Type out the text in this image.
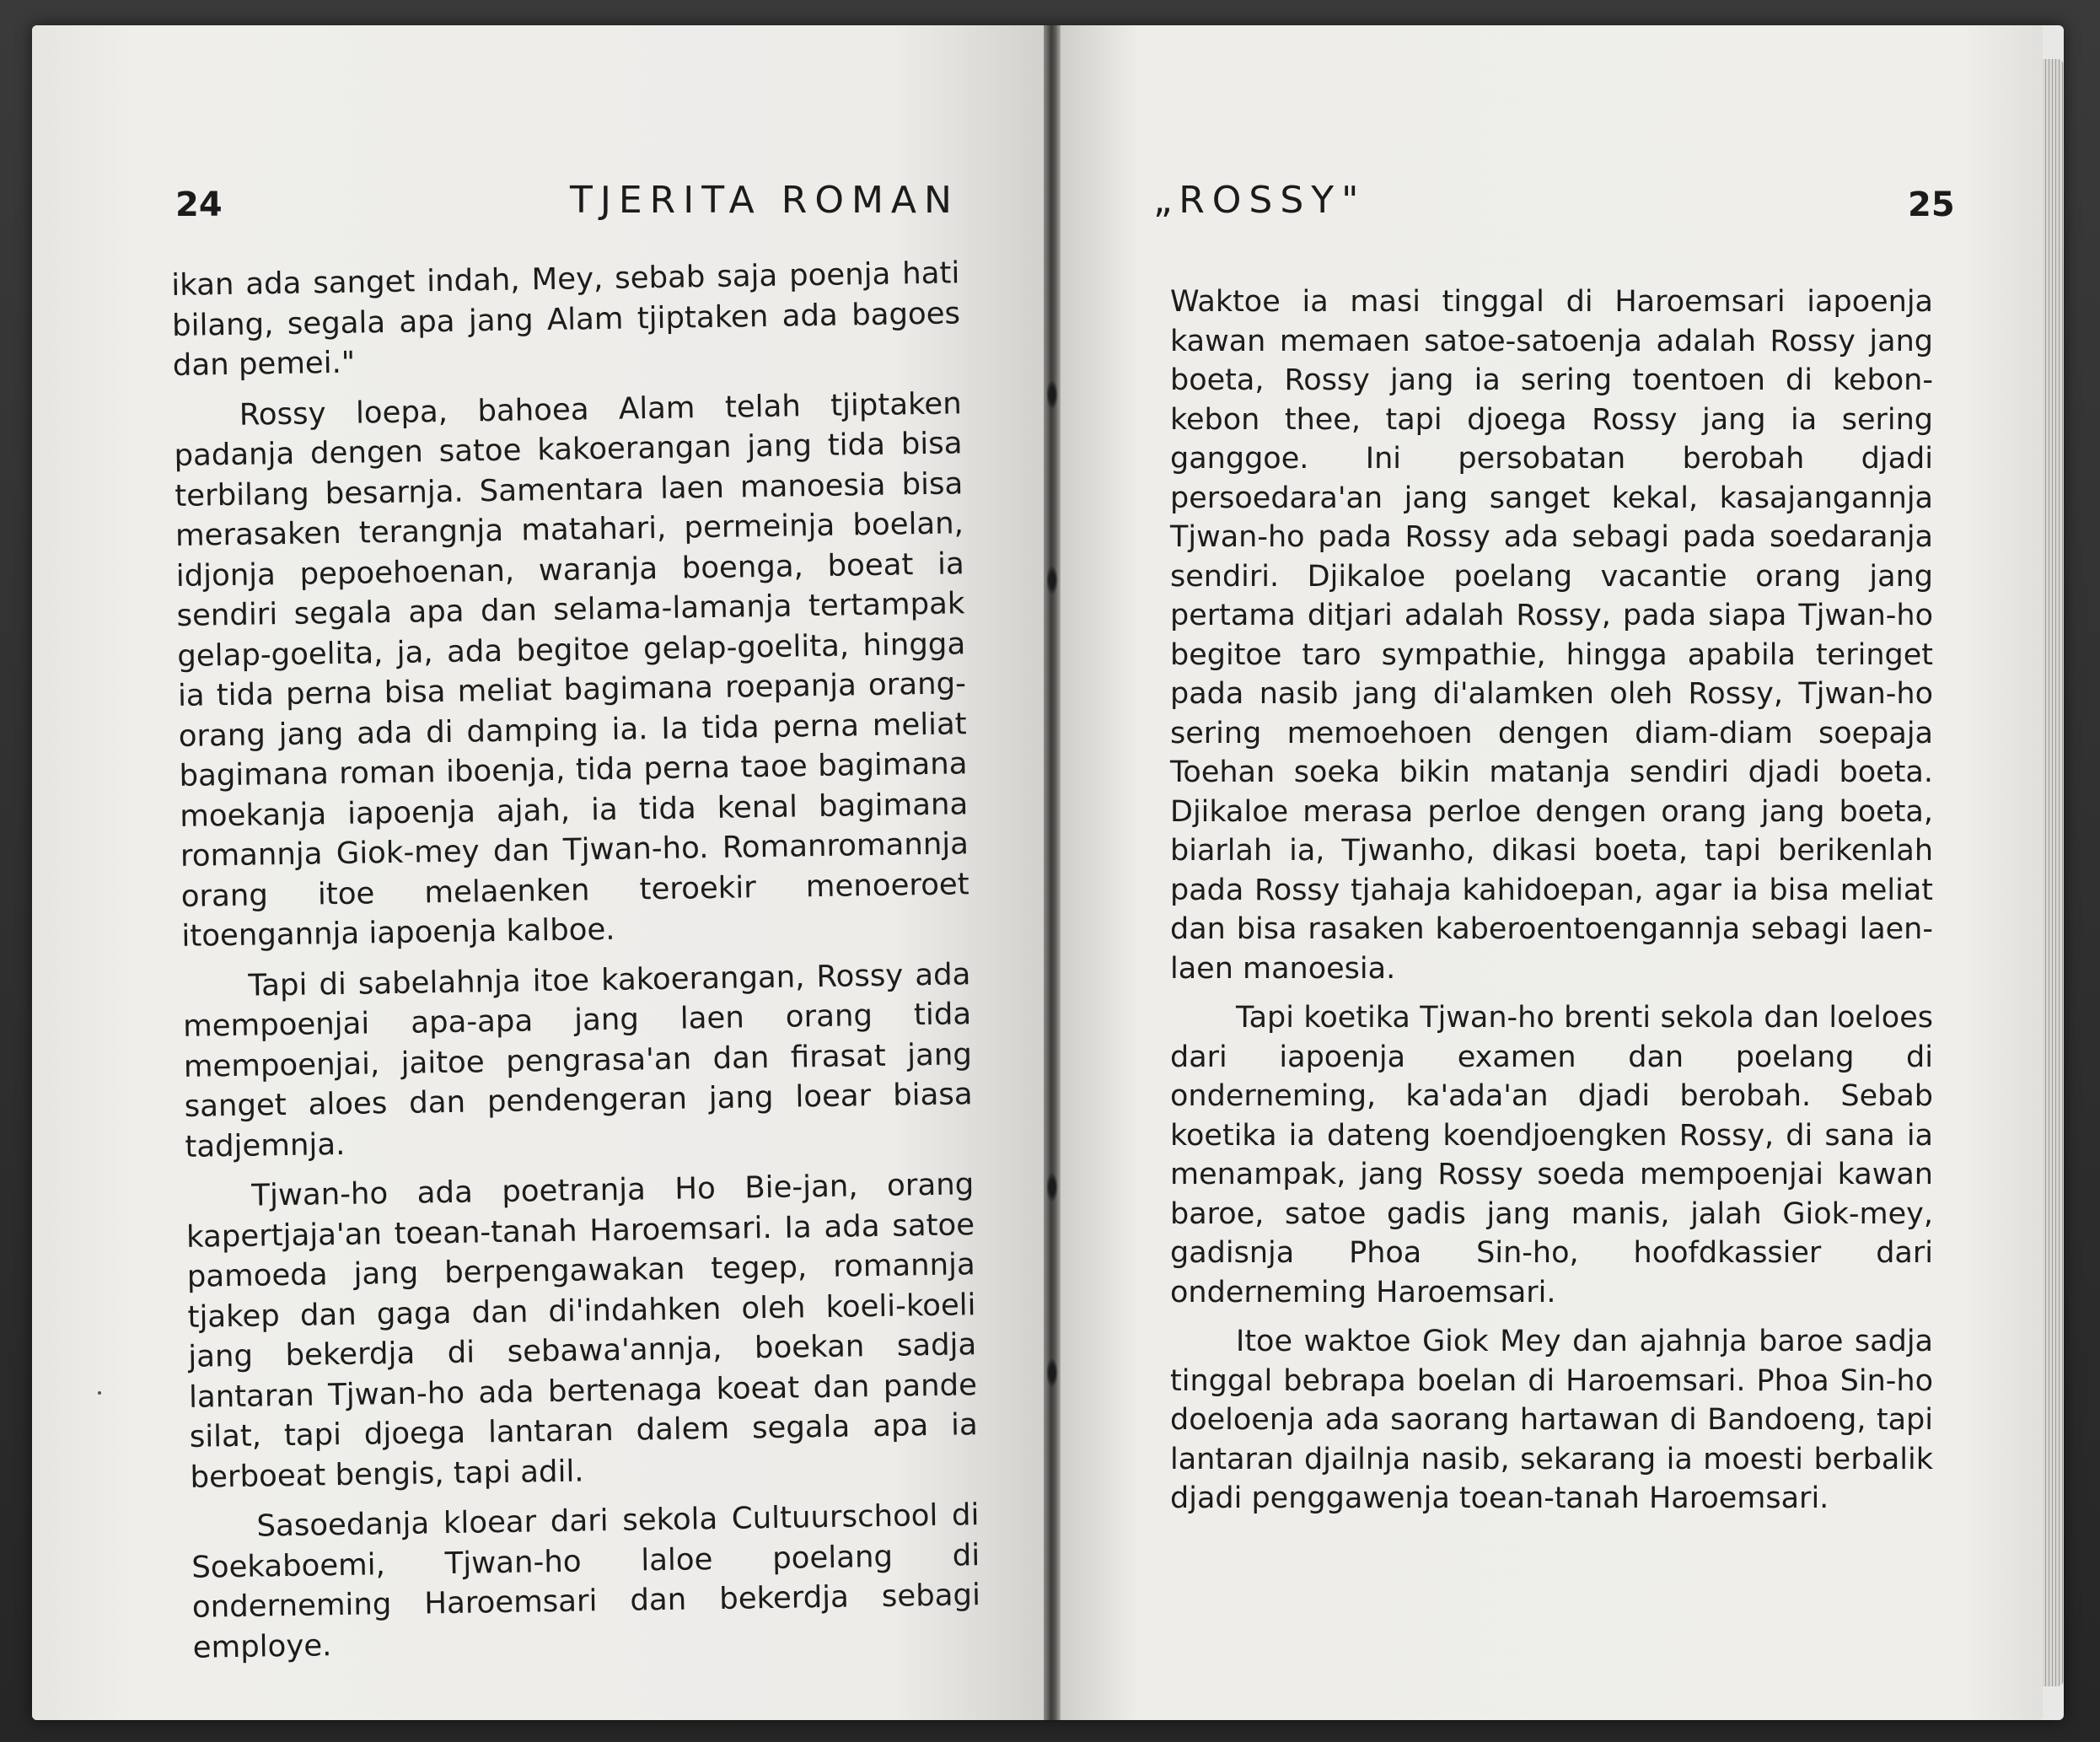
24	TJERITA ROMAN

ikan ada sanget indah, Mey, sebab saja poenja hati bilang, segala apa jang Alam tjiptaken ada bagoes dan pemei."

Rossy loepa, bahoea Alam telah tjiptaken padanja dengen satoe kakoerangan jang tida bisa terbilang besarnja. Samentara laen manoesia bisa merasaken terangnja matahari, permeinja boelan, idjonja pepoehoenan, waranja boenga, boeat ia sendiri segala apa dan selama-lamanja tertampak gelap-goelita, ja, ada begitoe gelap-goelita, hingga ia tida perna bisa meliat bagimana roepanja orang-orang jang ada di damping ia. Ia tida perna meliat bagimana roman iboenja, tida perna taoe bagimana moekanja iapoenja ajah, ia tida kenal bagimana romannja Giok-mey dan Tjwan-ho. Romanromannja orang itoe melaenken teroekir menoeroet itoengannja iapoenja kalboe.

Tapi di sabelahnja itoe kakoerangan, Rossy ada mempoenjai apa-apa jang laen orang tida mempoenjai, jaitoe pengrasa'an dan firasat jang sanget aloes dan pendengeran jang loear biasa tadjemnja.

Tjwan-ho ada poetranja Ho Bie-jan, orang kapertjaja'an toean-tanah Haroemsari. Ia ada satoe pamoeda jang berpengawakan tegep, romannja tjakep dan gaga dan di'indahken oleh koeli-koeli jang bekerdja di sebawa'annja, boekan sadja lantaran Tjwan-ho ada bertenaga koeat dan pande silat, tapi djoega lantaran dalem segala apa ia berboeat bengis, tapi adil.

Sasoedanja kloear dari sekola Cultuurschool di Soekaboemi, Tjwan-ho laloe poelang di onderneming Haroemsari dan bekerdja sebagi employe.

„ROSSY"	25

Waktoe ia masi tinggal di Haroemsari iapoenja kawan memaen satoe-satoenja adalah Rossy jang boeta, Rossy jang ia sering toentoen di kebon-kebon thee, tapi djoega Rossy jang ia sering ganggoe. Ini persobatan berobah djadi persoedara'an jang sanget kekal, kasajangannja Tjwan-ho pada Rossy ada sebagi pada soedaranja sendiri. Djikaloe poelang vacantie orang jang pertama ditjari adalah Rossy, pada siapa Tjwan-ho begitoe taro sympathie, hingga apabila teringet pada nasib jang di'alamken oleh Rossy, Tjwan-ho sering memoehoen dengen diam-diam soepaja Toehan soeka bikin matanja sendiri djadi boeta. Djikaloe merasa perloe dengen orang jang boeta, biarlah ia, Tjwanho, dikasi boeta, tapi berikenlah pada Rossy tjahaja kahidoepan, agar ia bisa meliat dan bisa rasaken kaberoentoengannja sebagi laen-laen manoesia.

Tapi koetika Tjwan-ho brenti sekola dan loeloes dari iapoenja examen dan poelang di onderneming, ka'ada'an djadi berobah. Sebab koetika ia dateng koendjoengken Rossy, di sana ia menampak, jang Rossy soeda mempoenjai kawan baroe, satoe gadis jang manis, jalah Giok-mey, gadisnja Phoa Sin-ho, hoofdkassier dari onderneming Haroemsari.

Itoe waktoe Giok Mey dan ajahnja baroe sadja tinggal bebrapa boelan di Haroemsari. Phoa Sin-ho doeloenja ada saorang hartawan di Bandoeng, tapi lantaran djailnja nasib, sekarang ia moesti berbalik djadi penggawenja toean-tanah Haroemsari.
